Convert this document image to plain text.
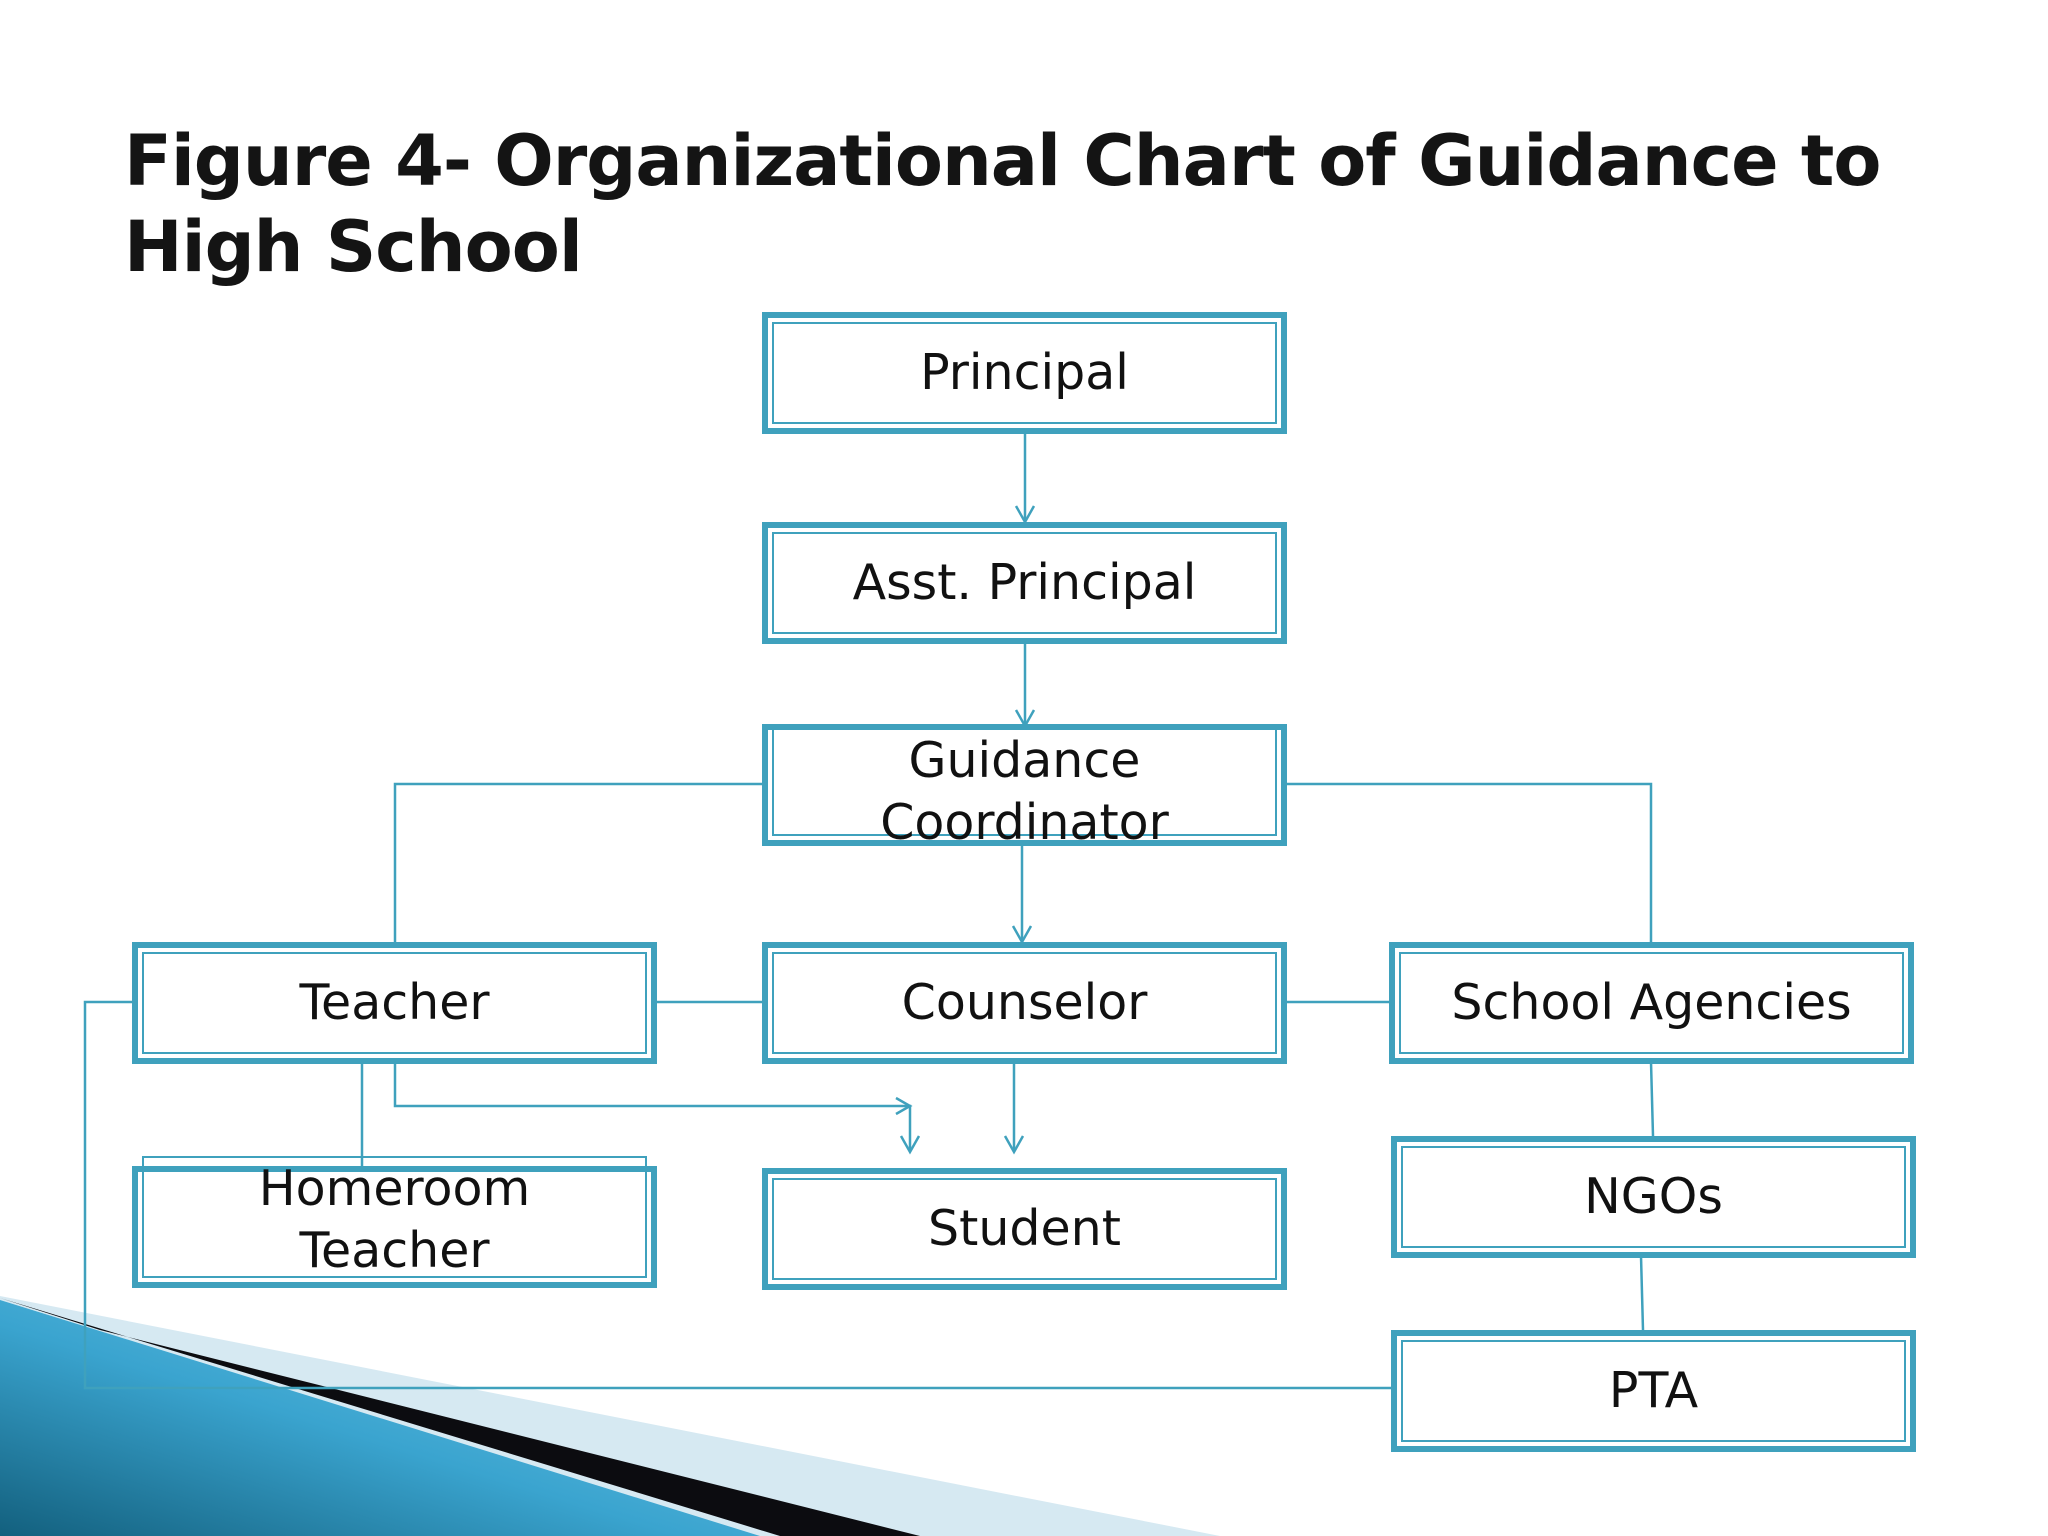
Figure 4- Organizational Chart of Guidance to High School
Principal
Asst. Principal
Guidance
Coordinator
Teacher	Counselor	School Agencies
Homeroom
Teacher	Student
NGOs
PTA
